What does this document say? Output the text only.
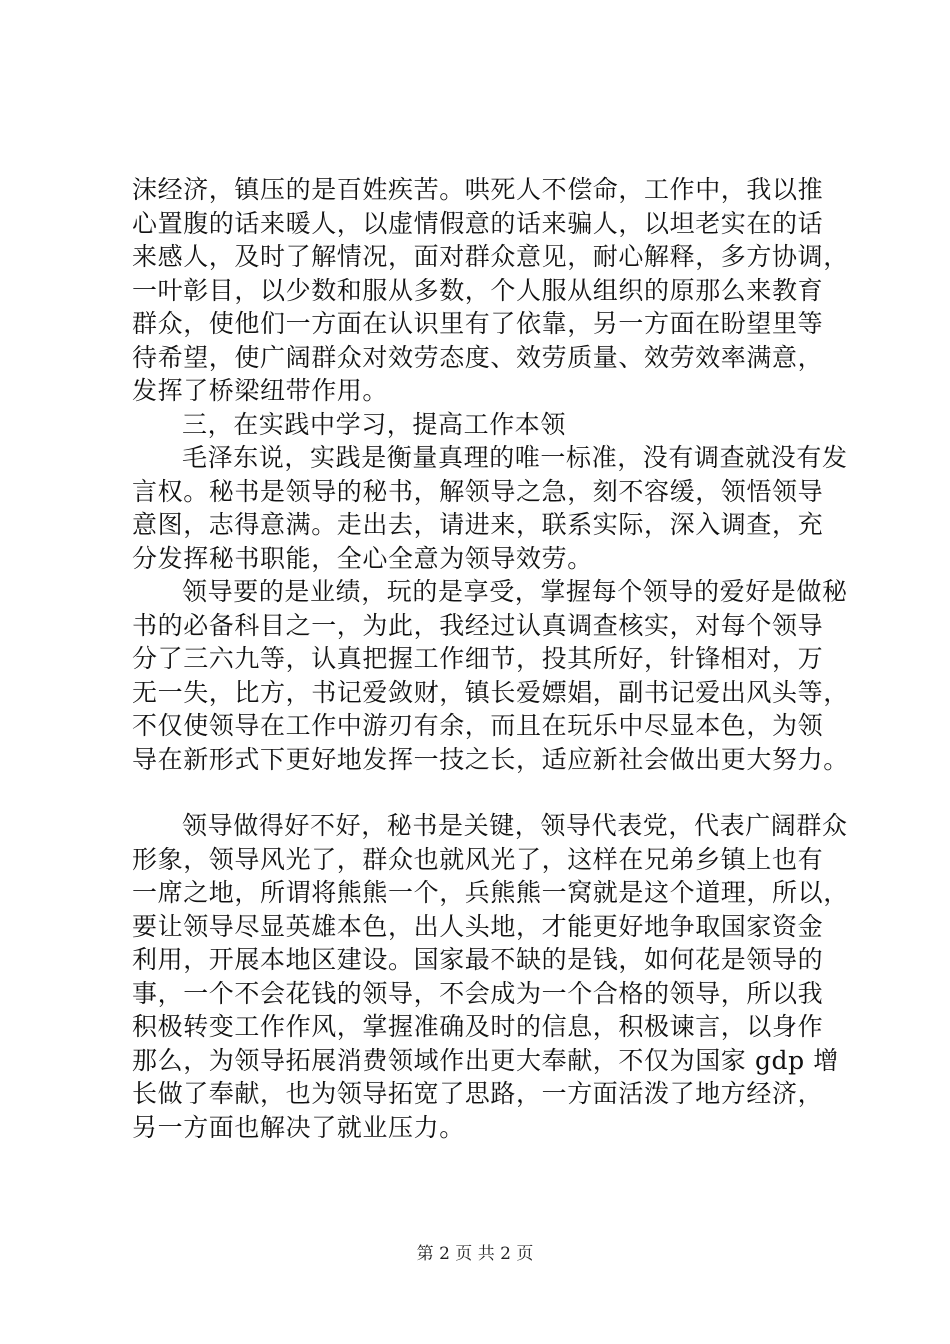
沫经济，镇压的是百姓疾苦。哄死人不偿命，工作中，我以推
心置腹的话来暖人，以虚情假意的话来骗人，以坦老实在的话
来感人，及时了解情况，面对群众意见，耐心解释，多方协调，
一叶彰目，以少数和服从多数，个人服从组织的原那么来教育
群众，使他们一方面在认识里有了依靠，另一方面在盼望里等
待希望，使广阔群众对效劳态度、效劳质量、效劳效率满意，
发挥了桥梁纽带作用。

三，在实践中学习，提高工作本领

毛泽东说，实践是衡量真理的唯一标准，没有调查就没有发
言权。秘书是领导的秘书，解领导之急，刻不容缓，领悟领导
意图，志得意满。走出去，请进来，联系实际，深入调查，充
分发挥秘书职能，全心全意为领导效劳。

领导要的是业绩，玩的是享受，掌握每个领导的爱好是做秘
书的必备科目之一，为此，我经过认真调查核实，对每个领导
分了三六九等，认真把握工作细节，投其所好，针锋相对，万
无一失，比方，书记爱敛财，镇长爱嫖娼，副书记爱出风头等，
不仅使领导在工作中游刃有余，而且在玩乐中尽显本色，为领
导在新形式下更好地发挥一技之长，适应新社会做出更大努力。

领导做得好不好，秘书是关键，领导代表党，代表广阔群众
形象，领导风光了，群众也就风光了，这样在兄弟乡镇上也有
一席之地，所谓将熊熊一个，兵熊熊一窝就是这个道理，所以，
要让领导尽显英雄本色，出人头地，才能更好地争取国家资金
利用，开展本地区建设。国家最不缺的是钱，如何花是领导的
事，一个不会花钱的领导，不会成为一个合格的领导，所以我
积极转变工作作风，掌握准确及时的信息，积极谏言，以身作
那么，为领导拓展消费领域作出更大奉献，不仅为国家 gdp 增
长做了奉献，也为领导拓宽了思路，一方面活泼了地方经济，
另一方面也解决了就业压力。

第 2 页 共 2 页
